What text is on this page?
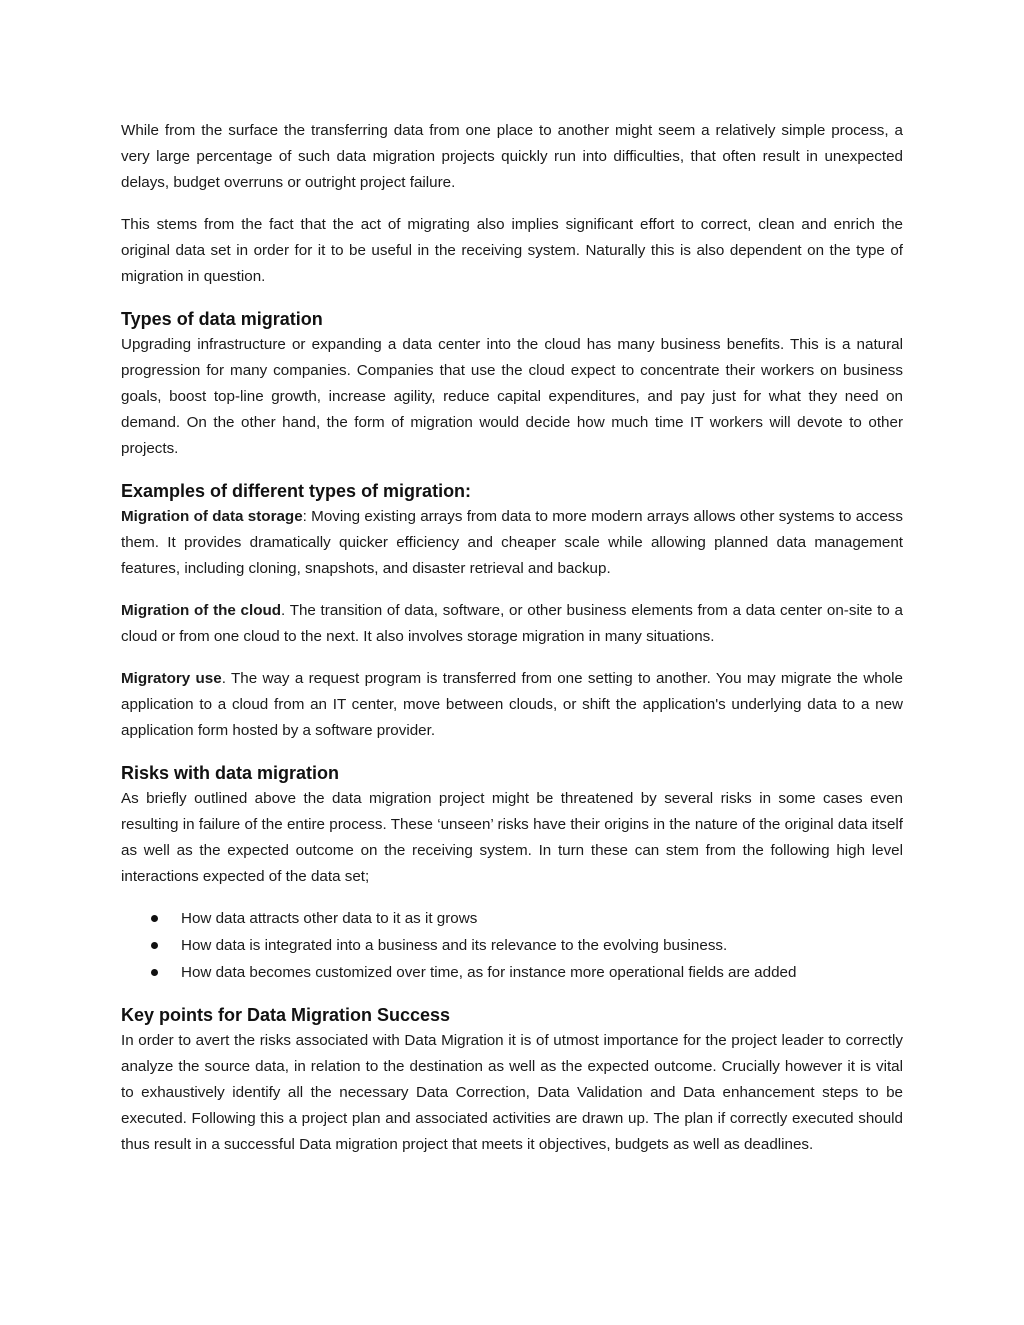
While from the surface the transferring data from one place to another might seem a relatively simple process, a very large percentage of such data migration projects quickly run into difficulties, that often result in unexpected delays, budget overruns or outright project failure.

This stems from the fact that the act of migrating also implies significant effort to correct, clean and enrich the original data set in order for it to be useful in the receiving system. Naturally this is also dependent on the type of migration in question.

Types of data migration

Upgrading infrastructure or expanding a data center into the cloud has many business benefits. This is a natural progression for many companies. Companies that use the cloud expect to concentrate their workers on business goals, boost top-line growth, increase agility, reduce capital expenditures, and pay just for what they need on demand. On the other hand, the form of migration would decide how much time IT workers will devote to other projects.

Examples of different types of migration:

Migration of data storage: Moving existing arrays from data to more modern arrays allows other systems to access them. It provides dramatically quicker efficiency and cheaper scale while allowing planned data management features, including cloning, snapshots, and disaster retrieval and backup.

Migration of the cloud. The transition of data, software, or other business elements from a data center on-site to a cloud or from one cloud to the next. It also involves storage migration in many situations.

Migratory use. The way a request program is transferred from one setting to another. You may migrate the whole application to a cloud from an IT center, move between clouds, or shift the application's underlying data to a new application form hosted by a software provider.

Risks with data migration

As briefly outlined above the data migration project might be threatened by several risks in some cases even resulting in failure of the entire process. These ‘unseen’ risks have their origins in the nature of the original data itself as well as the expected outcome on the receiving system. In turn these can stem from the following high level interactions expected of the data set;

How data attracts other data to it as it grows
How data is integrated into a business and its relevance to the evolving business.
How data becomes customized over time, as for instance more operational fields are added
Key points for Data Migration Success

In order to avert the risks associated with Data Migration it is of utmost importance for the project leader to correctly analyze the source data, in relation to the destination as well as the expected outcome. Crucially however it is vital to exhaustively identify all the necessary Data Correction, Data Validation and Data enhancement steps to be executed. Following this a project plan and associated activities are drawn up. The plan if correctly executed should thus result in a successful Data migration project that meets it objectives, budgets as well as deadlines.
